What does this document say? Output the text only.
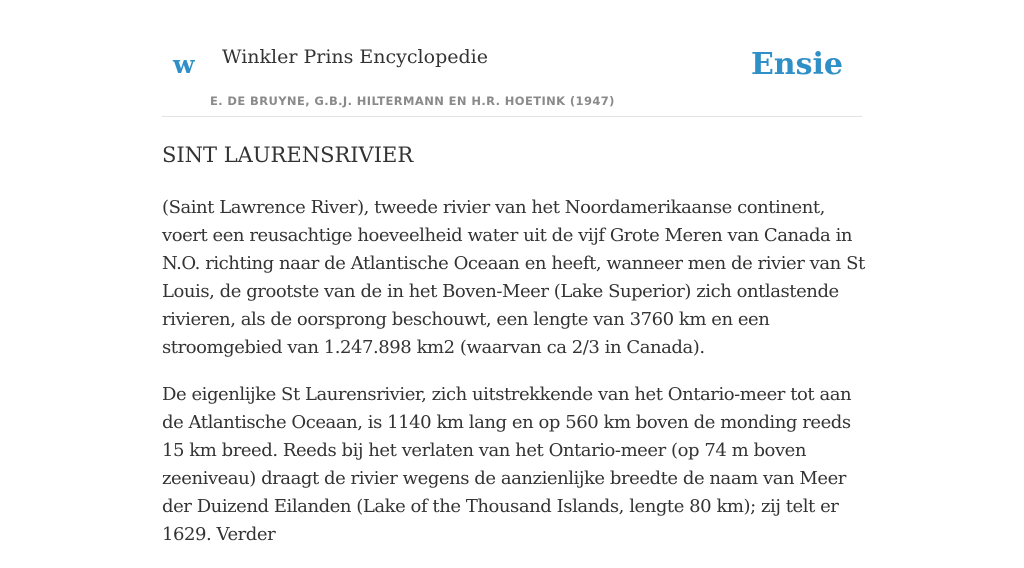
w Winkler Prins Encyclopedie
E. DE BRUYNE, G.B.J. HILTERMANN EN H.R. HOETINK (1947)
Ensie
SINT LAURENSRIVIER

(Saint Lawrence River), tweede rivier van het Noordamerikaanse continent, voert een reusachtige hoeveelheid water uit de vijf Grote Meren van Canada in N.O. richting naar de Atlantische Oceaan en heeft, wanneer men de rivier van St Louis, de grootste van de in het Boven-Meer (Lake Superior) zich ontlastende rivieren, als de oorsprong beschouwt, een lengte van 3760 km en een stroomgebied van 1.247.898 km2 (waarvan ca 2/3 in Canada).

De eigenlijke St Laurensrivier, zich uitstrekkende van het Ontario-meer tot aan de Atlantische Oceaan, is 1140 km lang en op 560 km boven de monding reeds 15 km breed. Reeds bij het verlaten van het Ontario-meer (op 74 m boven zeeniveau) draagt de rivier wegens de aanzienlijke breedte de naam van Meer der Duizend Eilanden (Lake of the Thousand Islands, lengte 80 km); zij telt er 1629. Verder
